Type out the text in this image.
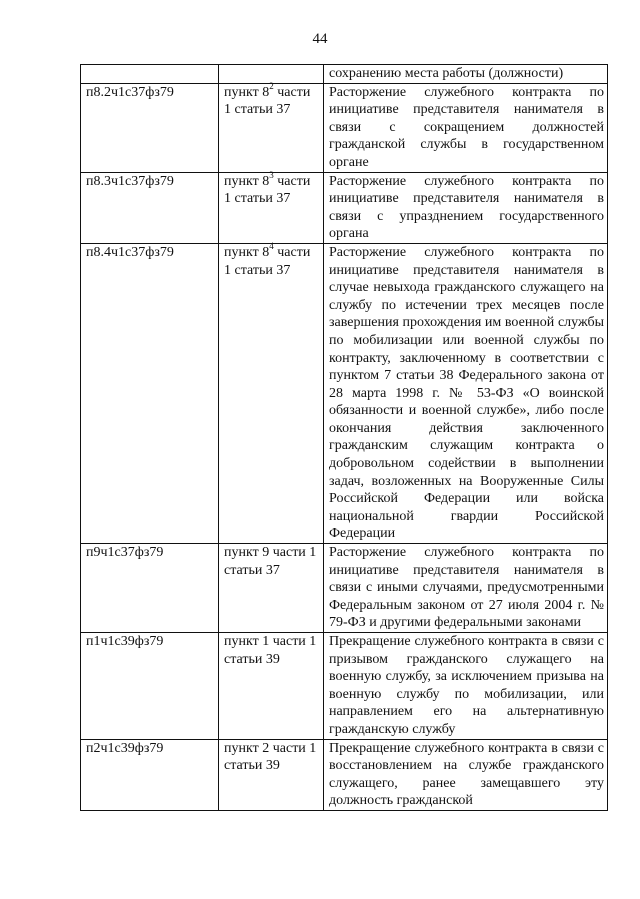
44
		сохранению места работы (должности)
п8.2ч1с37фз79	пункт $8^2$ части 1 статьи 37	Расторжение служебного контракта по инициативе представителя нанимателя в связи с сокращением должностей гражданской службы в государственном органе
п8.3ч1с37фз79	пункт $8^3$ части 1 статьи 37	Расторжение служебного контракта по инициативе представителя нанимателя в связи с упразднением государственного органа
п8.4ч1с37фз79	пункт $8^4$ части 1 статьи 37	Расторжение служебного контракта по инициативе представителя нанимателя в случае невыхода гражданского служащего на службу по истечении трех месяцев после завершения прохождения им военной службы по мобилизации или военной службы по контракту, заключенному в соответствии с пунктом 7 статьи 38 Федерального закона от 28 марта 1998 г. № 53-ФЗ «О воинской обязанности и военной службе», либо после окончания действия заключенного гражданским служащим контракта о добровольном содействии в выполнении задач, возложенных на Вооруженные Силы Российской Федерации или войска национальной гвардии Российской Федерации
п9ч1с37фз79	пункт 9 части 1 статьи 37	Расторжение служебного контракта по инициативе представителя нанимателя в связи с иными случаями, предусмотренными Федеральным законом от 27 июля 2004 г. № 79-ФЗ и другими федеральными законами
п1ч1с39фз79	пункт 1 части 1 статьи 39	Прекращение служебного контракта в связи с призывом гражданского служащего на военную службу, за исключением призыва на военную службу по мобилизации, или направлением его на альтернативную гражданскую службу
п2ч1с39фз79	пункт 2 части 1 статьи 39	Прекращение служебного контракта в связи с восстановлением на службе гражданского служащего, ранее замещавшего эту должность гражданской
